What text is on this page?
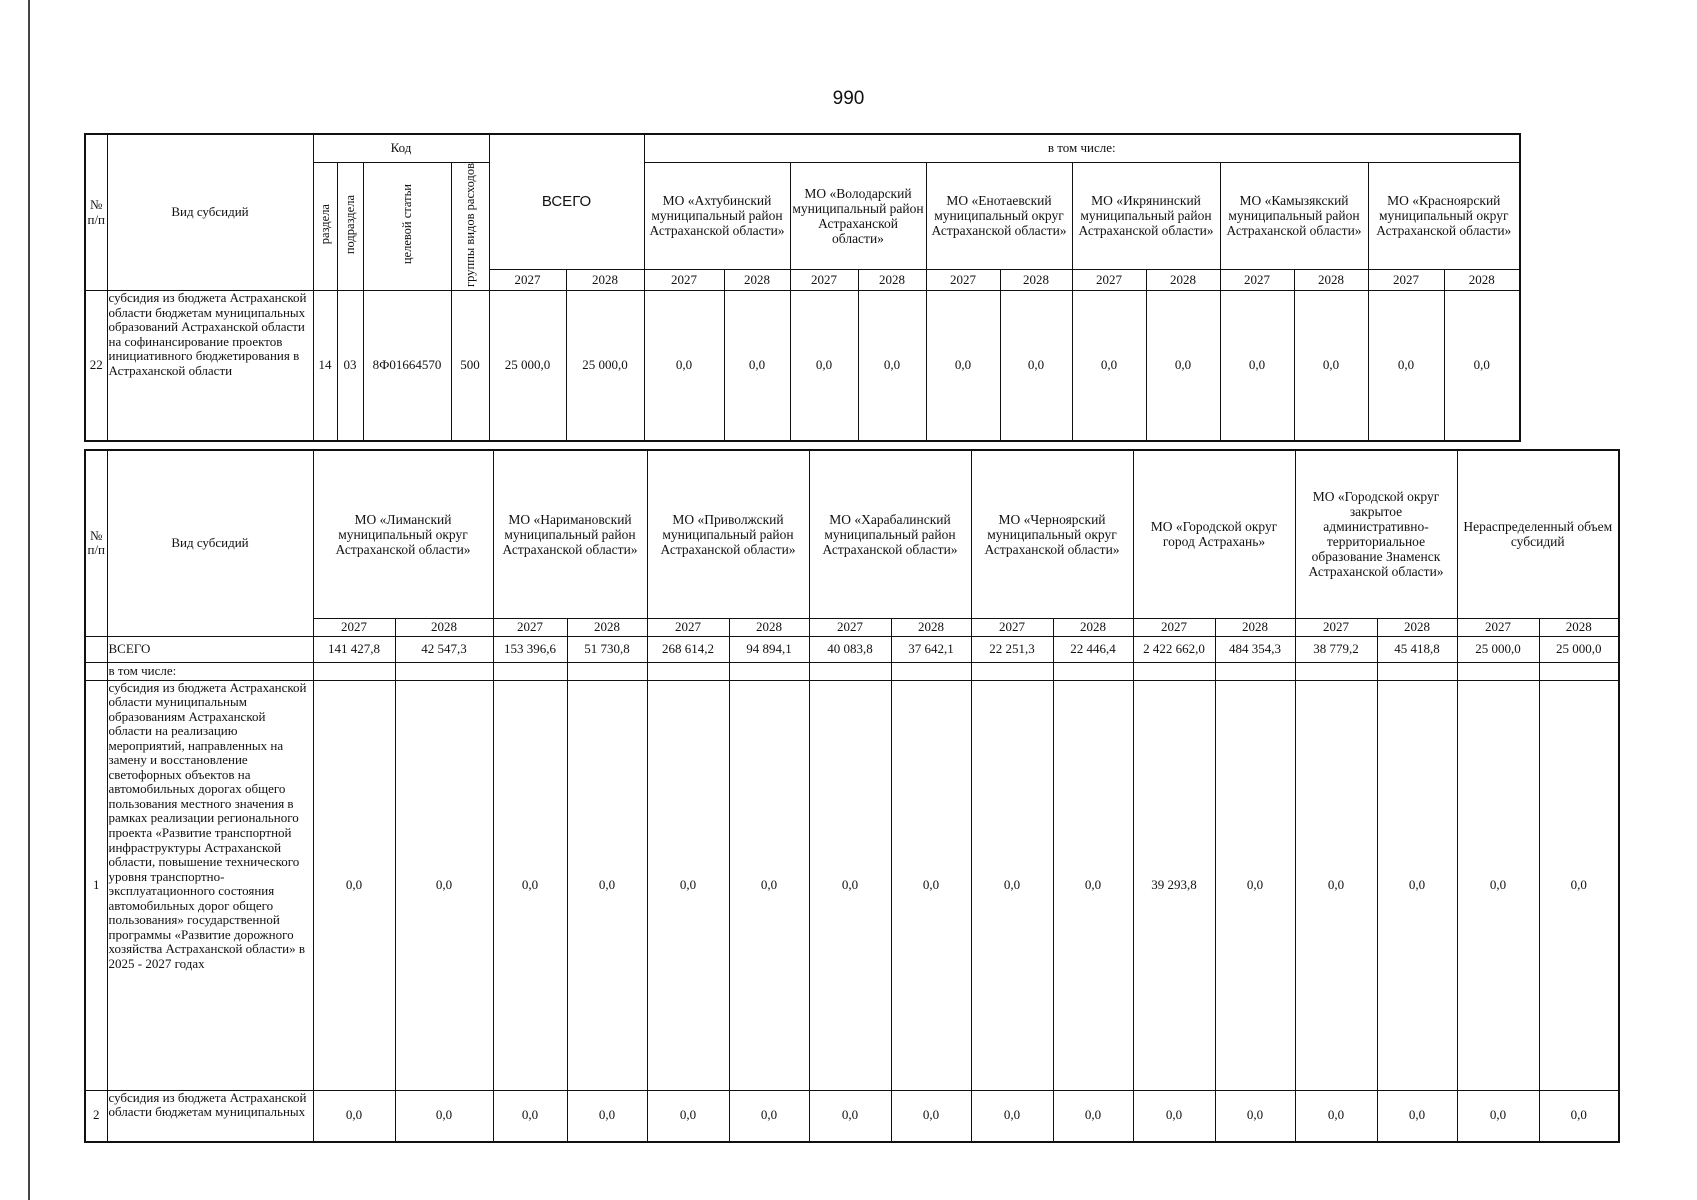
990
№ п/п	Вид субсидий	Код				ВСЕГО		в том числе:											
		раздела	подраздела	целевой статьи	группы видов расходов			МО «Ахтубинский муниципальный район Астраханской области»		МО «Володарский муниципальный район Астраханской области»		МО «Енотаевский муниципальный округ Астраханской области»		МО «Икрянинский муниципальный район Астраханской области»		МО «Камызякский муниципальный район Астраханской области»		МО «Красноярский муниципальный округ Астраханской области»	
						2027	2028	2027	2028	2027	2028	2027	2028	2027	2028	2027	2028	2027	2028
22	субсидия из бюджета Астраханской области бюджетам муниципальных образований Астраханской области на софинансирование проектов инициативного бюджетирования в Астраханской области	14	03	8Ф01664570	500	25 000,0	25 000,0	0,0	0,0	0,0	0,0	0,0	0,0	0,0	0,0	0,0	0,0	0,0	0,0
№ п/п	Вид субсидий	МО «Лиманский муниципальный округ Астраханской области»		МО «Наримановский муниципальный район Астраханской области»		МО «Приволжский муниципальный район Астраханской области»		МО «Харабалинский муниципальный район Астраханской области»		МО «Черноярский муниципальный округ Астраханской области»		МО «Городской округ город Астрахань»		МО «Городской округ закрытое административно-территориальное образование Знаменск Астраханской области»		Нераспределенный объем субсидий	
		2027	2028	2027	2028	2027	2028	2027	2028	2027	2028	2027	2028	2027	2028	2027	2028
	ВСЕГО	141 427,8	42 547,3	153 396,6	51 730,8	268 614,2	94 894,1	40 083,8	37 642,1	22 251,3	22 446,4	2 422 662,0	484 354,3	38 779,2	45 418,8	25 000,0	25 000,0
	в том числе:																
1	субсидия из бюджета Астраханской области муниципальным образованиям Астраханской области на реализацию мероприятий, направленных на замену и восстановление светофорных объектов на автомобильных дорогах общего пользования местного значения в рамках реализации регионального проекта «Развитие транспортной инфраструктуры Астраханской области, повышение технического уровня транспортно-эксплуатационного состояния автомобильных дорог общего пользования» государственной программы «Развитие дорожного хозяйства Астраханской области» в 2025 - 2027 годах	0,0	0,0	0,0	0,0	0,0	0,0	0,0	0,0	0,0	0,0	39 293,8	0,0	0,0	0,0	0,0	0,0
2	субсидия из бюджета Астраханской области бюджетам муниципальных	0,0	0,0	0,0	0,0	0,0	0,0	0,0	0,0	0,0	0,0	0,0	0,0	0,0	0,0	0,0	0,0
